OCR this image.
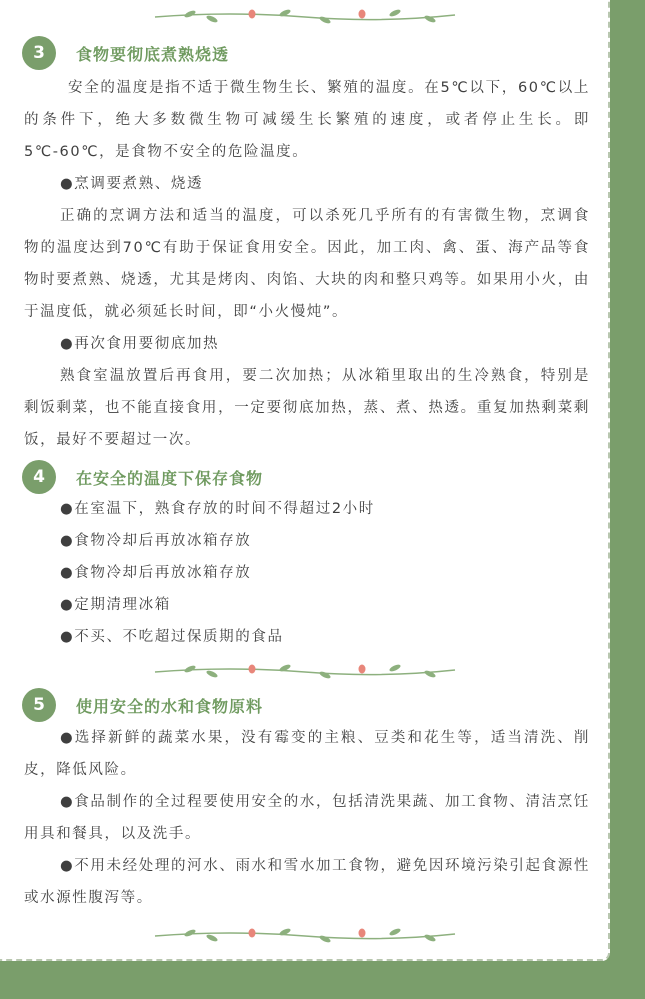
3	食物要彻底煮熟烧透

安全的温度是指不适于微生物生长、繁殖的温度。在5℃以下，60℃以上的条件下，绝大多数微生物可减缓生长繁殖的速度，或者停止生长。即5℃-60℃，是食物不安全的危险温度。

●烹调要煮熟、烧透

正确的烹调方法和适当的温度，可以杀死几乎所有的有害微生物，烹调食物的温度达到70℃有助于保证食用安全。因此，加工肉、禽、蛋、海产品等食物时要煮熟、烧透，尤其是烤肉、肉馅、大块的肉和整只鸡等。如果用小火，由于温度低，就必须延长时间，即“小火慢炖”。

●再次食用要彻底加热

熟食室温放置后再食用，要二次加热；从冰箱里取出的生冷熟食，特别是剩饭剩菜，也不能直接食用，一定要彻底加热，蒸、煮、热透。重复加热剩菜剩饭，最好不要超过一次。

4	在安全的温度下保存食物

●在室温下，熟食存放的时间不得超过2小时

●食物冷却后再放冰箱存放

●食物冷却后再放冰箱存放

●定期清理冰箱

●不买、不吃超过保质期的食品

5	使用安全的水和食物原料

●选择新鲜的蔬菜水果，没有霉变的主粮、豆类和花生等，适当清洗、削皮，降低风险。

●食品制作的全过程要使用安全的水，包括清洗果蔬、加工食物、清洁烹饪用具和餐具，以及洗手。

●不用未经处理的河水、雨水和雪水加工食物，避免因环境污染引起食源性或水源性腹泻等。
